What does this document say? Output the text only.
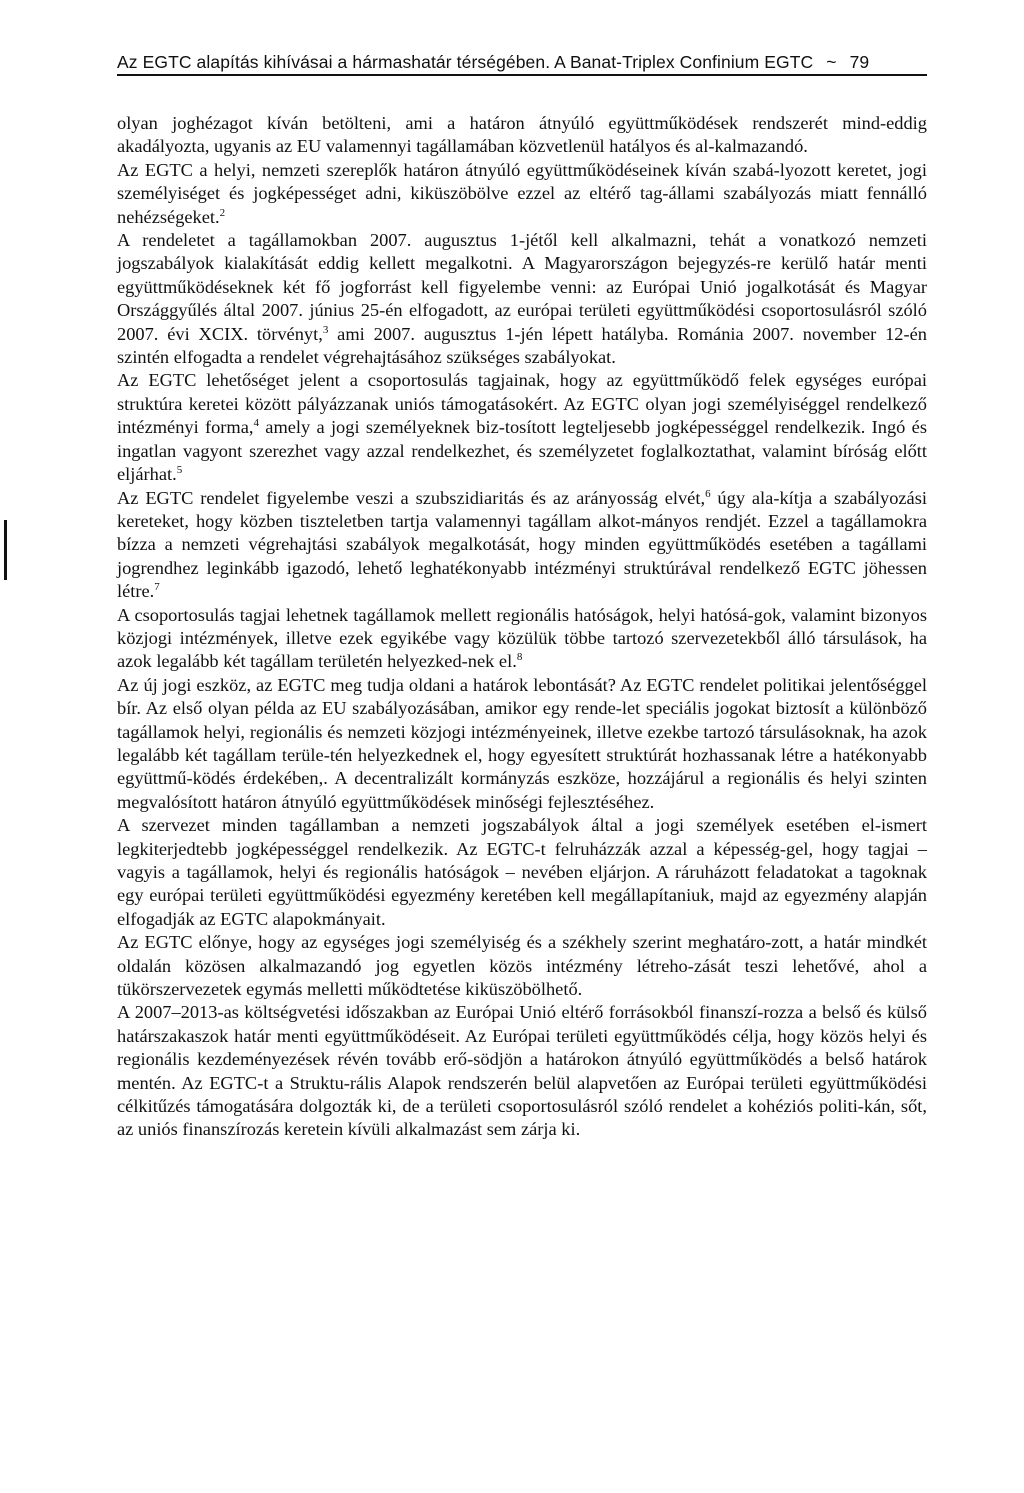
Az EGTC alapítás kihívásai a hármashatár térségében. A Banat-Triplex Confinium EGTC ~ 79

olyan joghézagot kíván betölteni, ami a határon átnyúló együttműködések rendszerét mind-eddig akadályozta, ugyanis az EU valamennyi tagállamában közvetlenül hatályos és al-kalmazandó.

Az EGTC a helyi, nemzeti szereplők határon átnyúló együttműködéseinek kíván szabá-lyozott keretet, jogi személyiséget és jogképességet adni, kiküszöbölve ezzel az eltérő tag-állami szabályozás miatt fennálló nehézségeket.$^2$

A rendeletet a tagállamokban 2007. augusztus 1-jétől kell alkalmazni, tehát a vonatkozó nemzeti jogszabályok kialakítását eddig kellett megalkotni. A Magyarországon bejegyzés-re kerülő határ menti együttműködéseknek két fő jogforrást kell figyelembe venni: az Európai Unió jogalkotását és Magyar Országgyűlés által 2007. június 25-én elfogadott, az európai területi együttműködési csoportosulásról szóló 2007. évi XCIX. törvényt,$^3$ ami 2007. augusztus 1-jén lépett hatályba. Románia 2007. november 12-én szintén elfogadta a rendelet végrehajtásához szükséges szabályokat.

Az EGTC lehetőséget jelent a csoportosulás tagjainak, hogy az együttműködő felek egységes európai struktúra keretei között pályázzanak uniós támogatásokért. Az EGTC olyan jogi személyiséggel rendelkező intézményi forma,$^4$ amely a jogi személyeknek biz-tosított legteljesebb jogképességgel rendelkezik. Ingó és ingatlan vagyont szerezhet vagy azzal rendelkezhet, és személyzetet foglalkoztathat, valamint bíróság előtt eljárhat.$^5$

Az EGTC rendelet figyelembe veszi a szubszidiaritás és az arányosság elvét,$^6$ úgy ala-kítja a szabályozási kereteket, hogy közben tiszteletben tartja valamennyi tagállam alkot-mányos rendjét. Ezzel a tagállamokra bízza a nemzeti végrehajtási szabályok megalkotását, hogy minden együttműködés esetében a tagállami jogrendhez leginkább igazodó, lehető leghatékonyabb intézményi struktúrával rendelkező EGTC jöhessen létre.$^7$

A csoportosulás tagjai lehetnek tagállamok mellett regionális hatóságok, helyi hatósá-gok, valamint bizonyos közjogi intézmények, illetve ezek egyikébe vagy közülük többe tartozó szervezetekből álló társulások, ha azok legalább két tagállam területén helyezked-nek el.$^8$

Az új jogi eszköz, az EGTC meg tudja oldani a határok lebontását? Az EGTC rendelet politikai jelentőséggel bír. Az első olyan példa az EU szabályozásában, amikor egy rende-let speciális jogokat biztosít a különböző tagállamok helyi, regionális és nemzeti közjogi intézményeinek, illetve ezekbe tartozó társulásoknak, ha azok legalább két tagállam terüle-tén helyezkednek el, hogy egyesített struktúrát hozhassanak létre a hatékonyabb együttmű-ködés érdekében,. A decentralizált kormányzás eszköze, hozzájárul a regionális és helyi szinten megvalósított határon átnyúló együttműködések minőségi fejlesztéséhez.

A szervezet minden tagállamban a nemzeti jogszabályok által a jogi személyek esetében el-ismert legkiterjedtebb jogképességgel rendelkezik. Az EGTC-t felruházzák azzal a képesség-gel, hogy tagjai – vagyis a tagállamok, helyi és regionális hatóságok – nevében eljárjon. A ráruházott feladatokat a tagoknak egy európai területi együttműködési egyezmény keretében kell megállapítaniuk, majd az egyezmény alapján elfogadják az EGTC alapokmányait.

Az EGTC előnye, hogy az egységes jogi személyiség és a székhely szerint meghatáro-zott, a határ mindkét oldalán közösen alkalmazandó jog egyetlen közös intézmény létreho-zását teszi lehetővé, ahol a tükörszervezetek egymás melletti működtetése kiküszöbölhető.

A 2007–2013-as költségvetési időszakban az Európai Unió eltérő forrásokból finanszí-rozza a belső és külső határszakaszok határ menti együttműködéseit. Az Európai területi együttműködés célja, hogy közös helyi és regionális kezdeményezések révén tovább erő-södjön a határokon átnyúló együttműködés a belső határok mentén. Az EGTC-t a Struktu-rális Alapok rendszerén belül alapvetően az Európai területi együttműködési célkitűzés támogatására dolgozták ki, de a területi csoportosulásról szóló rendelet a kohéziós politi-kán, sőt, az uniós finanszírozás keretein kívüli alkalmazást sem zárja ki.
